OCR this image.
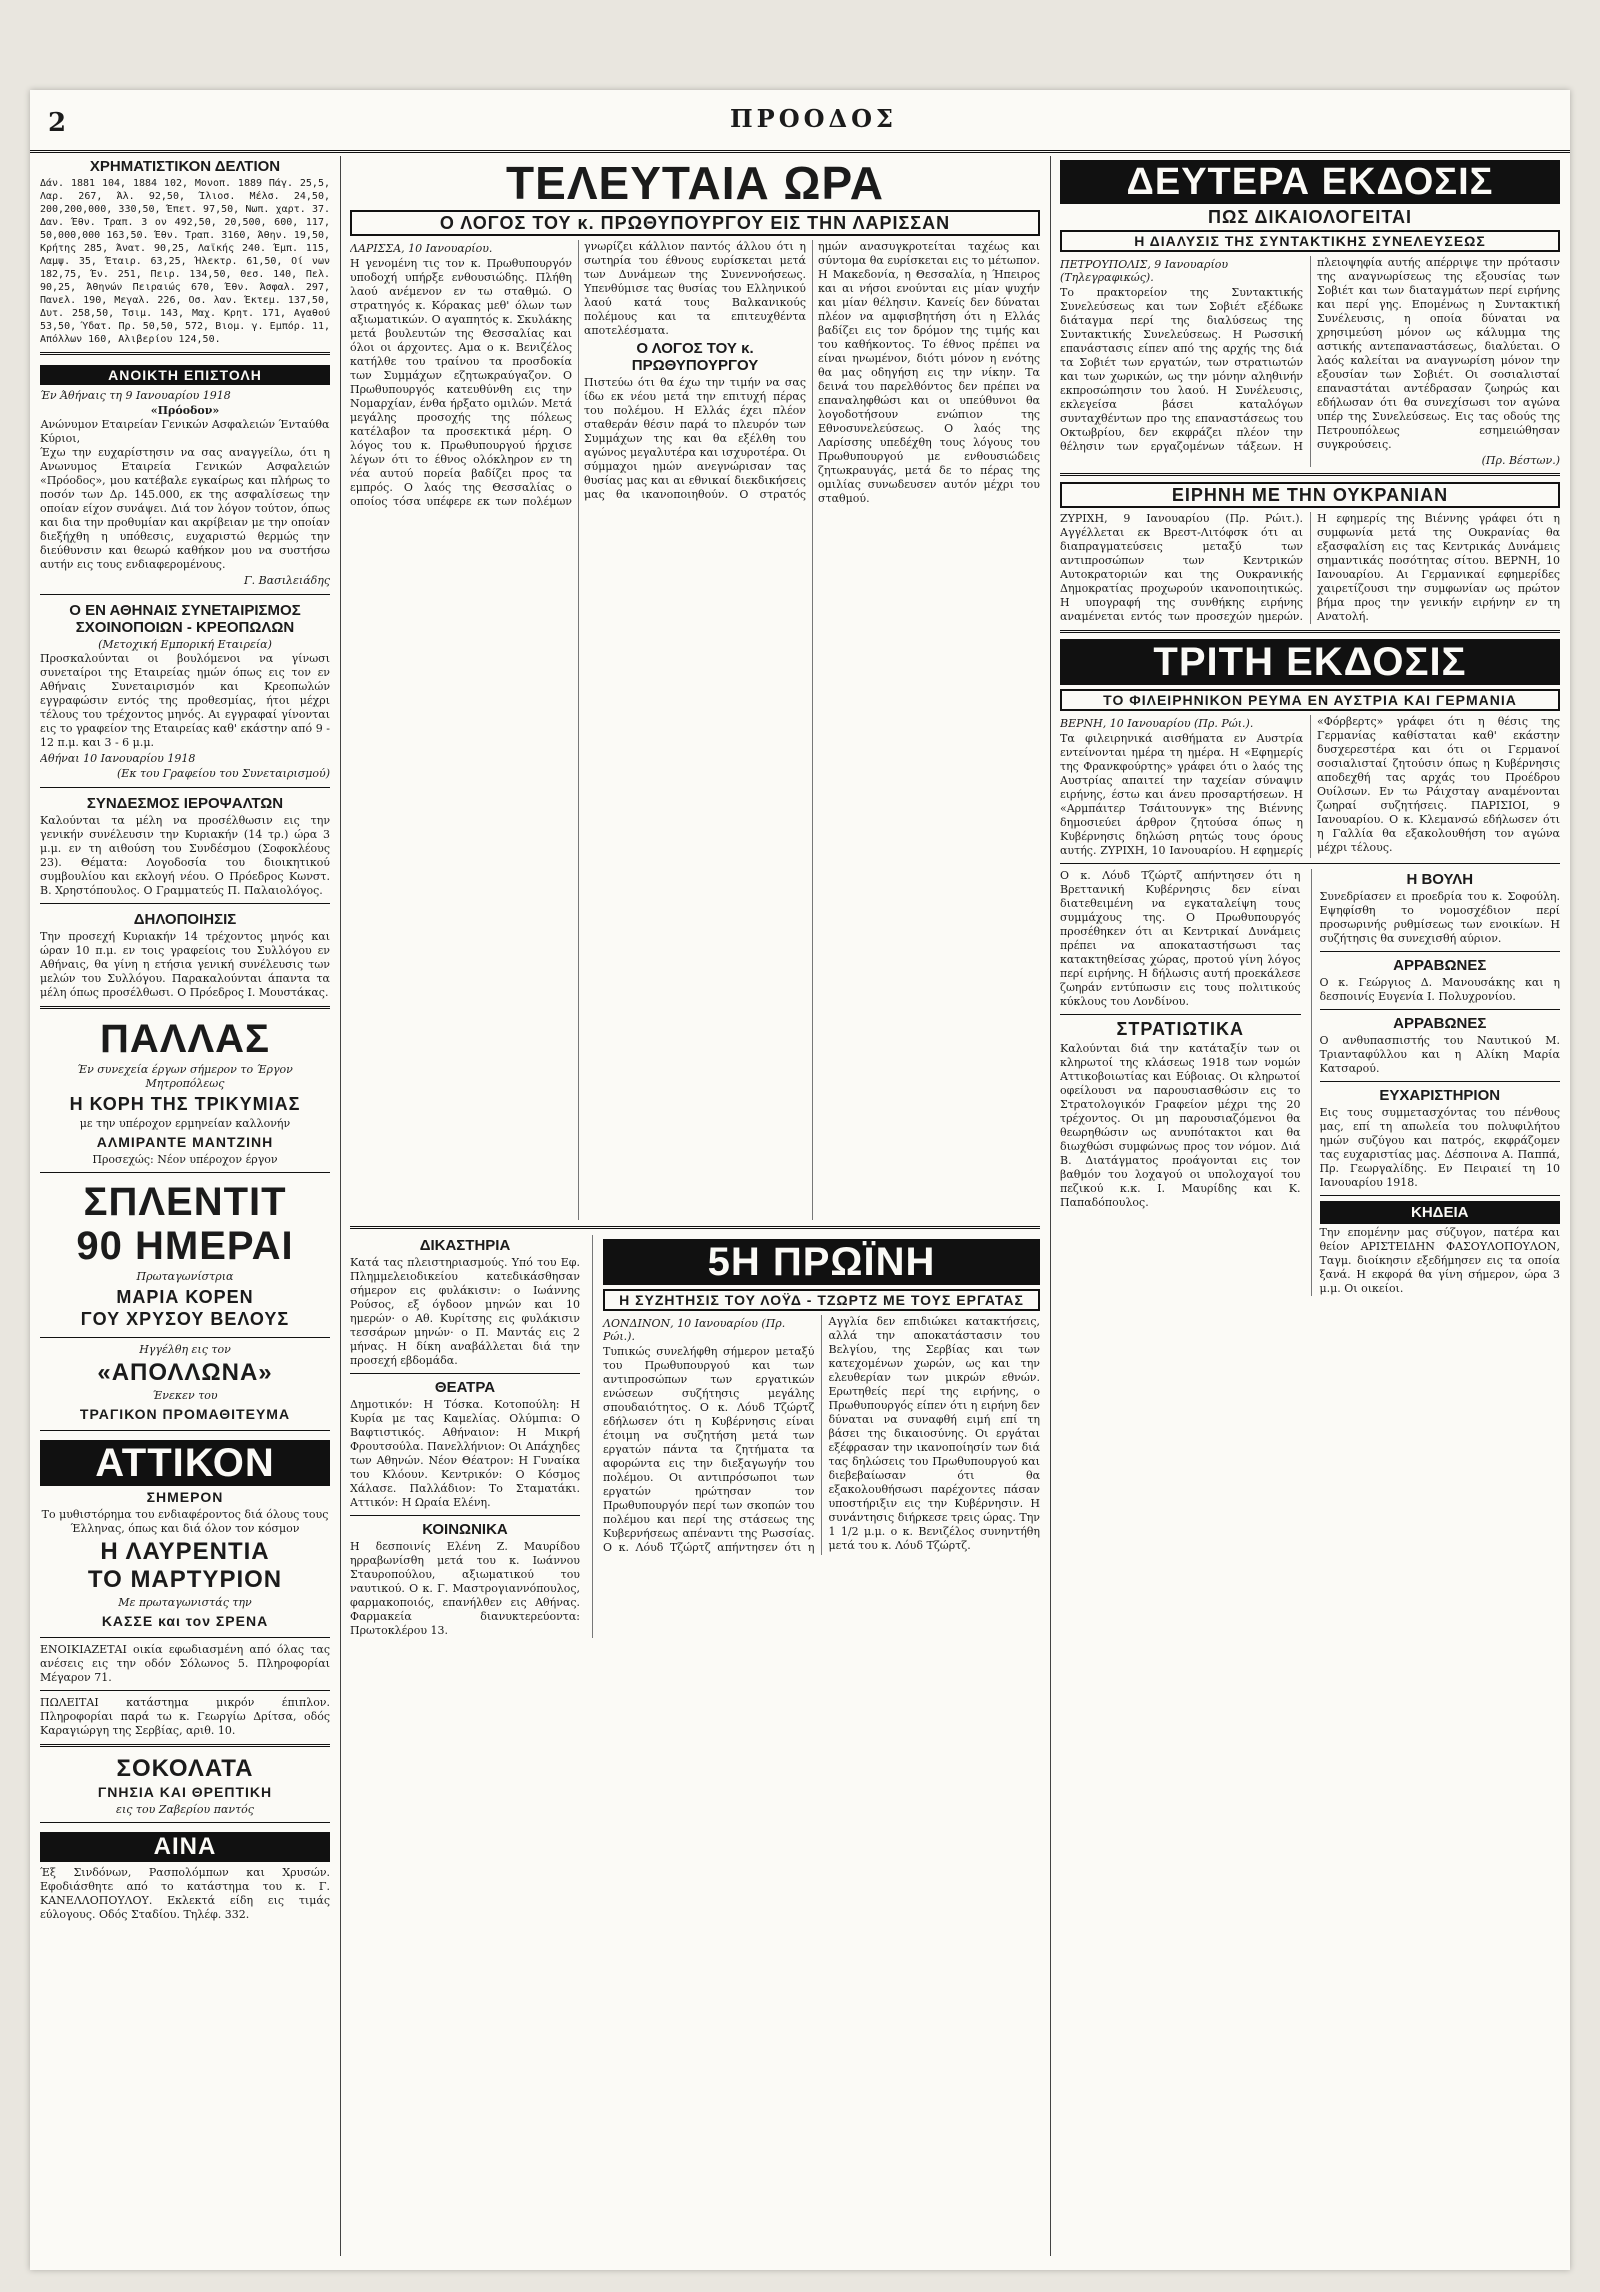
2	ΠΡΟΟΔΟΣ
ΧΡΗΜΑΤΙΣΤΙΚΟΝ ΔΕΛΤΙΟΝ

Δάν. 1881 104, 1884 102, Μονοπ. 1889 Πάγ. 25,5, Λαρ. 267, Άλ. 92,50, Ίλιοσ. Μέλσ. 24,50, 200,200,000, 330,50, Έπετ. 97,50, Νωπ. χαρτ. 37. Δαν. Έθν. Τραπ. 3 ον 492,50, 20,500, 600, 117, 50,000,000 163,50. Έθν. Τραπ. 3160, Άθην. 19,50, Κρήτης 285, Άνατ. 90,25, Λαϊκής 240. Έμπ. 115, Λαμψ. 35, Έταιρ. 63,25, Ήλεκτρ. 61,50, Οί νων 182,75, Έν. 251, Πειρ. 134,50, Θεσ. 140, Πελ. 90,25, Άθηνών Πειραιώς 670, Έθν. Άσφαλ. 297, Πανελ. 190, Μεγαλ. 226, Οσ. λαν. Έκτεμ. 137,50, Δυτ. 258,50, Τσιμ. 143, Μαχ. Κρητ. 171, Αγαθού 53,50, Ύδατ. Πρ. 50,50, 572, Βιομ. γ. Εμπόρ. 11, Απόλλων 160, Αλιβερίου 124,50.

ΑΝΟΙΚΤΗ ΕΠΙΣΤΟΛΗ

Έν Άθήναις τη 9 Ιανουαρίου 1918

«Πρόοδον»

Ανώνυμον Εταιρείαν Γενικών Ασφαλειών Ένταύθα

Κύριοι,

Έχω την ευχαρίστησιν να σας αναγγείλω, ότι η Ανωνυμος Εταιρεία Γενικών Ασφαλειών «Πρόοδος», μου κατέβαλε εγκαίρως και πλήρως το ποσόν των Δρ. 145.000, εκ της ασφαλίσεως την οποίαν είχον συνάψει. Διά τον λόγον τούτον, όπως και δια την προθυμίαν και ακρίβειαν με την οποίαν διεξήχθη η υπόθεσις, ευχαριστώ θερμώς την διεύθυνσιν και θεωρώ καθήκον μου να συστήσω αυτήν εις τους ενδιαφερομένους.

Γ. Βασιλειάδης

Ο ΕΝ ΑΘΗΝΑΙΣ ΣΥΝΕΤΑΙΡΙΣΜΟΣ ΣΧΟΙΝΟΠΟΙΩΝ - ΚΡΕΟΠΩΛΩΝ

(Μετοχική Εμπορική Εταιρεία)

Προσκαλούνται οι βουλόμενοι να γίνωσι συνεταίροι της Εταιρείας ημών όπως εις τον εν Αθήναις Συνεταιρισμόν και Κρεοπωλών εγγραφώσιν εντός της προθεσμίας, ήτοι μέχρι τέλους του τρέχοντος μηνός. Αι εγγραφαί γίνονται εις το γραφείον της Εταιρείας καθ' εκάστην από 9 - 12 π.μ. και 3 - 6 μ.μ.

Αθήναι 10 Ιανουαρίου 1918

(Εκ του Γραφείου του Συνεταιρισμού)

ΣΥΝΔΕΣΜΟΣ ΙΕΡΟΨΑΛΤΩΝ

Καλούνται τα μέλη να προσέλθωσιν εις την γενικήν συνέλευσιν την Κυριακήν (14 τρ.) ώρα 3 μ.μ. εν τη αιθούση του Συνδέσμου (Σοφοκλέους 23). Θέματα: Λογοδοσία του διοικητικού συμβουλίου και εκλογή νέου. Ο Πρόεδρος Κωνστ. Β. Χρηστόπουλος. Ο Γραμματεύς Π. Παλαιολόγος.

ΔΗΛΟΠΟΙΗΣΙΣ

Την προσεχή Κυριακήν 14 τρέχοντος μηνός και ώραν 10 π.μ. εν τοις γραφείοις του Συλλόγου εν Αθήναις, θα γίνη η ετήσια γενική συνέλευσις των μελών του Συλλόγου. Παρακαλούνται άπαντα τα μέλη όπως προσέλθωσι. Ο Πρόεδρος Ι. Μουστάκας.

ΠΑΛΛΑΣ

Έν συνεχεία έργων σήμερον το Έργον Μητροπόλεως

Η ΚΟΡΗ ΤΗΣ ΤΡΙΚΥΜΙΑΣ

με την υπέροχον ερμηνείαν καλλονήν

ΑΛΜΙΡΑΝΤΕ ΜΑΝΤΖΙΝΗ

Προσεχώς: Νέον υπέροχον έργον

ΣΠΛΕΝΤΙΤ
90 ΗΜΕΡΑΙ

Πρωταγωνίστρια

ΜΑΡΙΑ ΚΟΡΕΝ
ΓΟΥ ΧΡΥΣΟΥ ΒΕΛΟΥΣ

Ηγγέλθη εις τον

«ΑΠΟΛΛΩΝΑ»

Ένεκεν του

ΤΡΑΓΙΚΟΝ ΠΡΟΜΑΘΙΤΕΥΜΑ
ΑΤΤΙΚΟΝ
ΣΗΜΕΡΟΝ

Το μυθιστόρημα του ενδιαφέροντος διά όλους τους Έλληνας, όπως και διά όλον τον κόσμον

Η ΛΑΥΡΕΝΤΙΑ
ΤΟ ΜΑΡΤΥΡΙΟΝ

Με πρωταγωνιστάς την

ΚΑΣΣΕ και τον ΣΡΕΝΑ

ΕΝΟΙΚΙΑΖΕΤΑΙ οικία εφωδιασμένη από όλας τας ανέσεις εις την οδόν Σόλωνος 5. Πληροφορίαι Μέγαρον 71.

ΠΩΛΕΙΤΑΙ κατάστημα μικρόν έπιπλον. Πληροφορίαι παρά τω κ. Γεωργίω Δρίτσα, οδός Καραγιώργη της Σερβίας, αριθ. 10.

ΣΟΚΟΛΑΤΑ
ΓΝΗΣΙΑ ΚΑΙ ΘΡΕΠΤΙΚΗ

εις του Ζαβερίου παντός

ΑΙΝΑ

Έξ Σινδόνων, Ρασπολόμπων και Χρυσών. Εφοδιάσθητε από το κατάστημα του κ. Γ. ΚΑΝΕΛΛΟΠΟΥΛΟΥ. Εκλεκτά είδη εις τιμάς εύλογους. Οδός Σταδίου. Τηλέφ. 332.

ΤΕΛΕΥΤΑΙΑ ΩΡΑ
Ο ΛΟΓΟΣ ΤΟΥ κ. ΠΡΩΘΥΠΟΥΡΓΟΥ ΕΙΣ ΤΗΝ ΛΑΡΙΣΣΑΝ

ΛΑΡΙΣΣΑ, 10 Ιανουαρίου.

Η γενομένη τις τον κ. Πρωθυπουργόν υποδοχή υπήρξε ενθουσιώδης. Πλήθη λαού ανέμενον εν τω σταθμώ. Ο στρατηγός κ. Κόρακας μεθ' όλων των αξιωματικών. Ο αγαπητός κ. Σκυλάκης μετά βουλευτών της Θεσσαλίας και όλοι οι άρχοντες. Αμα ο κ. Βενιζέλος κατήλθε του τραίνου τα προσδοκία των Συμμάχων εζητωκραύγαζον. Ο Πρωθυπουργός κατευθύνθη εις την Νομαρχίαν, ένθα ήρξατο ομιλών. Μετά μεγάλης προσοχής της πόλεως κατέλαβον τα προσεκτικά μέρη. Ο λόγος του κ. Πρωθυπουργού ήρχισε λέγων ότι το έθνος ολόκληρον εν τη νέα αυτού πορεία βαδίζει προς τα εμπρός. Ο λαός της Θεσσαλίας ο οποίος τόσα υπέφερε εκ των πολέμων γνωρίζει κάλλιον παντός άλλου ότι η σωτηρία του έθνους ευρίσκεται μετά των Δυνάμεων της Συνεννοήσεως. Υπενθύμισε τας θυσίας του Ελληνικού λαού κατά τους Βαλκανικούς πολέμους και τα επιτευχθέντα αποτελέσματα.

Ο ΛΟΓΟΣ ΤΟΥ κ. ΠΡΩΘΥΠΟΥΡΓΟΥ

Πιστεύω ότι θα έχω την τιμήν να σας ίδω εκ νέου μετά την επιτυχή πέρας του πολέμου. Η Ελλάς έχει πλέον σταθεράν θέσιν παρά το πλευρόν των Συμμάχων της και θα εξέλθη του αγώνος μεγαλυτέρα και ισχυροτέρα. Οι σύμμαχοι ημών ανεγνώρισαν τας θυσίας μας και αι εθνικαί διεκδικήσεις μας θα ικανοποιηθούν. Ο στρατός ημών ανασυγκροτείται ταχέως και σύντομα θα ευρίσκεται εις το μέτωπον. Η Μακεδονία, η Θεσσαλία, η Ήπειρος και αι νήσοι ενούνται εις μίαν ψυχήν και μίαν θέλησιν. Κανείς δεν δύναται πλέον να αμφισβητήση ότι η Ελλάς βαδίζει εις τον δρόμον της τιμής και του καθήκοντος. Το έθνος πρέπει να είναι ηνωμένον, διότι μόνον η ενότης θα μας οδηγήση εις την νίκην. Τα δεινά του παρελθόντος δεν πρέπει να επαναληφθώσι και οι υπεύθυνοι θα λογοδοτήσουν ενώπιον της Εθνοσυνελεύσεως. Ο λαός της Λαρίσσης υπεδέχθη τους λόγους του Πρωθυπουργού με ενθουσιώδεις ζητωκραυγάς, μετά δε το πέρας της ομιλίας συνωδευσεν αυτόν μέχρι του σταθμού.

ΔΙΚΑΣΤΗΡΙΑ

Κατά τας πλειστηριασμούς. Υπό του Εφ. Πλημμελειοδικείου κατεδικάσθησαν σήμερον εις φυλάκισιν: ο Ιωάννης Ρούσος, εξ όγδοον μηνών και 10 ημερών· ο Αθ. Κυρίτσης εις φυλάκισιν τεσσάρων μηνών· ο Π. Μαντάς εις 2 μήνας. Η δίκη αναβάλλεται διά την προσεχή εβδομάδα.

ΘΕΑΤΡΑ

Δημοτικόν: Η Τόσκα. Κοτοπούλη: Η Κυρία με τας Καμελίας. Ολύμπια: Ο Βαφτιστικός. Αθήναιον: Η Μικρή Φρουτσούλα. Πανελλήνιον: Οι Απάχηδες των Αθηνών. Νέον Θέατρον: Η Γυναίκα του Κλόουν. Κεντρικόν: Ο Κόσμος Χάλασε. Παλλάδιον: Το Σταματάκι. Αττικόν: Η Ωραία Ελένη.

ΚΟΙΝΩΝΙΚΑ

Η δεσποινίς Ελένη Ζ. Μαυρίδου ηρραβωνίσθη μετά του κ. Ιωάννου Σταυροπούλου, αξιωματικού του ναυτικού. Ο κ. Γ. Μαστρογιαννόπουλος, φαρμακοποιός, επανήλθεν εις Αθήνας. Φαρμακεία διανυκτερεύοντα: Πρωτοκλέρου 13.

5Η ΠΡΩΪΝΗ
Η ΣΥΖΗΤΗΣΙΣ ΤΟΥ ΛΟΫΔ - ΤΖΩΡΤΖ ΜΕ ΤΟΥΣ ΕΡΓΑΤΑΣ

ΛΟΝΔΙΝΟΝ, 10 Ιανουαρίου (Πρ. Ρώι.).

Τυπικώς συνελήφθη σήμερον μεταξύ του Πρωθυπουργού και των αντιπροσώπων των εργατικών ενώσεων συζήτησις μεγάλης σπουδαιότητος. Ο κ. Λόυδ Τζώρτζ εδήλωσεν ότι η Κυβέρνησις είναι έτοιμη να συζητήση μετά των εργατών πάντα τα ζητήματα τα αφορώντα εις την διεξαγωγήν του πολέμου. Οι αντιπρόσωποι των εργατών ηρώτησαν τον Πρωθυπουργόν περί των σκοπών του πολέμου και περί της στάσεως της Κυβερνήσεως απέναντι της Ρωσσίας. Ο κ. Λόυδ Τζώρτζ απήντησεν ότι η Αγγλία δεν επιδιώκει κατακτήσεις, αλλά την αποκατάστασιν του Βελγίου, της Σερβίας και των κατεχομένων χωρών, ως και την ελευθερίαν των μικρών εθνών. Ερωτηθείς περί της ειρήνης, ο Πρωθυπουργός είπεν ότι η ειρήνη δεν δύναται να συναφθή ειμή επί τη βάσει της δικαιοσύνης. Οι εργάται εξέφρασαν την ικανοποίησίν των διά τας δηλώσεις του Πρωθυπουργού και διεβεβαίωσαν ότι θα εξακολουθήσωσι παρέχοντες πάσαν υποστήριξιν εις την Κυβέρνησιν. Η συνάντησις διήρκεσε τρεις ώρας. Την 1 1/2 μ.μ. ο κ. Βενιζέλος συνηντήθη μετά του κ. Λόυδ Τζώρτζ.

ΔΕΥΤΕΡΑ ΕΚΔΟΣΙΣ
ΠΩΣ ΔΙΚΑΙΟΛΟΓΕΙΤΑΙ
Η ΔΙΑΛΥΣΙΣ ΤΗΣ ΣΥΝΤΑΚΤΙΚΗΣ ΣΥΝΕΛΕΥΣΕΩΣ

ΠΕΤΡΟΥΠΟΛΙΣ, 9 Ιανουαρίου (Τηλεγραφικώς).

Το πρακτορείον της Συντακτικής Συνελεύσεως και των Σοβιέτ εξέδωκε διάταγμα περί της διαλύσεως της Συντακτικής Συνελεύσεως. Η Ρωσσική επανάστασις είπεν από της αρχής της διά τα Σοβιέτ των εργατών, των στρατιωτών και των χωρικών, ως την μόνην αληθινήν εκπροσώπησιν του λαού. Η Συνέλευσις, εκλεγείσα βάσει καταλόγων συνταχθέντων προ της επαναστάσεως του Οκτωβρίου, δεν εκφράζει πλέον την θέλησιν των εργαζομένων τάξεων. Η πλειοψηφία αυτής απέρριψε την πρότασιν της αναγνωρίσεως της εξουσίας των Σοβιέτ και των διαταγμάτων περί ειρήνης και περί γης. Επομένως η Συντακτική Συνέλευσις, η οποία δύναται να χρησιμεύση μόνον ως κάλυμμα της αστικής αντεπαναστάσεως, διαλύεται. Ο λαός καλείται να αναγνωρίση μόνον την εξουσίαν των Σοβιέτ. Οι σοσιαλισταί επαναστάται αντέδρασαν ζωηρώς και εδήλωσαν ότι θα συνεχίσωσι τον αγώνα υπέρ της Συνελεύσεως. Εις τας οδούς της Πετρουπόλεως εσημειώθησαν συγκρούσεις.

(Πρ. Βέστων.)

ΕΙΡΗΝΗ ΜΕ ΤΗΝ ΟΥΚΡΑΝΙΑΝ

ΖΥΡΙΧΗ, 9 Ιανουαρίου (Πρ. Ρώιτ.). Αγγέλλεται εκ Βρεστ-Λιτόφσκ ότι αι διαπραγματεύσεις μεταξύ των αντιπροσώπων των Κεντρικών Αυτοκρατοριών και της Ουκρανικής Δημοκρατίας προχωρούν ικανοποιητικώς. Η υπογραφή της συνθήκης ειρήνης αναμένεται εντός των προσεχών ημερών. Η εφημερίς της Βιέννης γράφει ότι η συμφωνία μετά της Ουκρανίας θα εξασφαλίση εις τας Κεντρικάς Δυνάμεις σημαντικάς ποσότητας σίτου. ΒΕΡΝΗ, 10 Ιανουαρίου. Αι Γερμανικαί εφημερίδες χαιρετίζουσι την συμφωνίαν ως πρώτον βήμα προς την γενικήν ειρήνην εν τη Ανατολή.

ΤΡΙΤΗ ΕΚΔΟΣΙΣ
ΤΟ ΦΙΛΕΙΡΗΝΙΚΟΝ ΡΕΥΜΑ ΕΝ ΑΥΣΤΡΙΑ ΚΑΙ ΓΕΡΜΑΝΙΑ

ΒΕΡΝΗ, 10 Ιανουαρίου (Πρ. Ρώι.).

Τα φιλειρηνικά αισθήματα εν Αυστρία εντείνονται ημέρα τη ημέρα. Η «Εφημερίς της Φρανκφούρτης» γράφει ότι ο λαός της Αυστρίας απαιτεί την ταχείαν σύναψιν ειρήνης, έστω και άνευ προσαρτήσεων. Η «Αρμπάιτερ Τσάιτουνγκ» της Βιέννης δημοσιεύει άρθρον ζητούσα όπως η Κυβέρνησις δηλώση ρητώς τους όρους αυτής. ΖΥΡΙΧΗ, 10 Ιανουαρίου. Η εφημερίς «Φόρβερτς» γράφει ότι η θέσις της Γερμανίας καθίσταται καθ' εκάστην δυσχερεστέρα και ότι οι Γερμανοί σοσιαλισταί ζητούσιν όπως η Κυβέρνησις αποδεχθή τας αρχάς του Προέδρου Ουίλσων. Εν τω Ράιχσταγ αναμένονται ζωηραί συζητήσεις. ΠΑΡΙΣΙΟΙ, 9 Ιανουαρίου. Ο κ. Κλεμανσώ εδήλωσεν ότι η Γαλλία θα εξακολουθήση τον αγώνα μέχρι τέλους.

Ο κ. Λόυδ Τζώρτζ απήντησεν ότι η Βρεττανική Κυβέρνησις δεν είναι διατεθειμένη να εγκαταλείψη τους συμμάχους της. Ο Πρωθυπουργός προσέθηκεν ότι αι Κεντρικαί Δυνάμεις πρέπει να αποκαταστήσωσι τας κατακτηθείσας χώρας, προτού γίνη λόγος περί ειρήνης. Η δήλωσις αυτή προεκάλεσε ζωηράν εντύπωσιν εις τους πολιτικούς κύκλους του Λονδίνου.

ΣΤΡΑΤΙΩΤΙΚΑ

Καλούνται διά την κατάταξίν των οι κληρωτοί της κλάσεως 1918 των νομών Αττικοβοιωτίας και Εύβοιας. Οι κληρωτοί οφείλουσι να παρουσιασθώσιν εις το Στρατολογικόν Γραφείον μέχρι της 20 τρέχοντος. Οι μη παρουσιαζόμενοι θα θεωρηθώσιν ως ανυπότακτοι και θα διωχθώσι συμφώνως προς τον νόμον. Διά Β. Διατάγματος προάγονται εις τον βαθμόν του λοχαγού οι υπολοχαγοί του πεζικού κ.κ. Ι. Μαυρίδης και Κ. Παπαδόπουλος.

Η ΒΟΥΛΗ

Συνεδρίασεν ει προεδρία του κ. Σοφούλη. Εψηφίσθη το νομοσχέδιον περί προσωρινής ρυθμίσεως των ενοικίων. Η συζήτησις θα συνεχισθή αύριον.

ΑΡΡΑΒΩΝΕΣ

Ο κ. Γεώργιος Δ. Μανουσάκης και η δεσποινίς Ευγενία Ι. Πολυχρονίου.

ΑΡΡΑΒΩΝΕΣ

Ο ανθυπασπιστής του Ναυτικού Μ. Τριανταφύλλου και η Αλίκη Μαρία Κατσαρού.

ΕΥΧΑΡΙΣΤΗΡΙΟΝ

Εις τους συμμετασχόντας του πένθους μας, επί τη απωλεία του πολυφιλήτου ημών συζύγου και πατρός, εκφράζομεν τας ευχαριστίας μας. Δέσποινα Α. Παππά, Πρ. Γεωργαλίδης. Εν Πειραιεί τη 10 Ιανουαρίου 1918.

ΚΗΔΕΙΑ

Την επομένην μας σύζυγον, πατέρα και θείον ΑΡΙΣΤΕΙΔΗΝ ΦΑΣΟΥΛΟΠΟΥΛΟΝ, Ταγμ. διοίκησιν εξεδήμησεν εις τα οποία ξανά. Η εκφορά θα γίνη σήμερον, ώρα 3 μ.μ. Οι οικείοι.
